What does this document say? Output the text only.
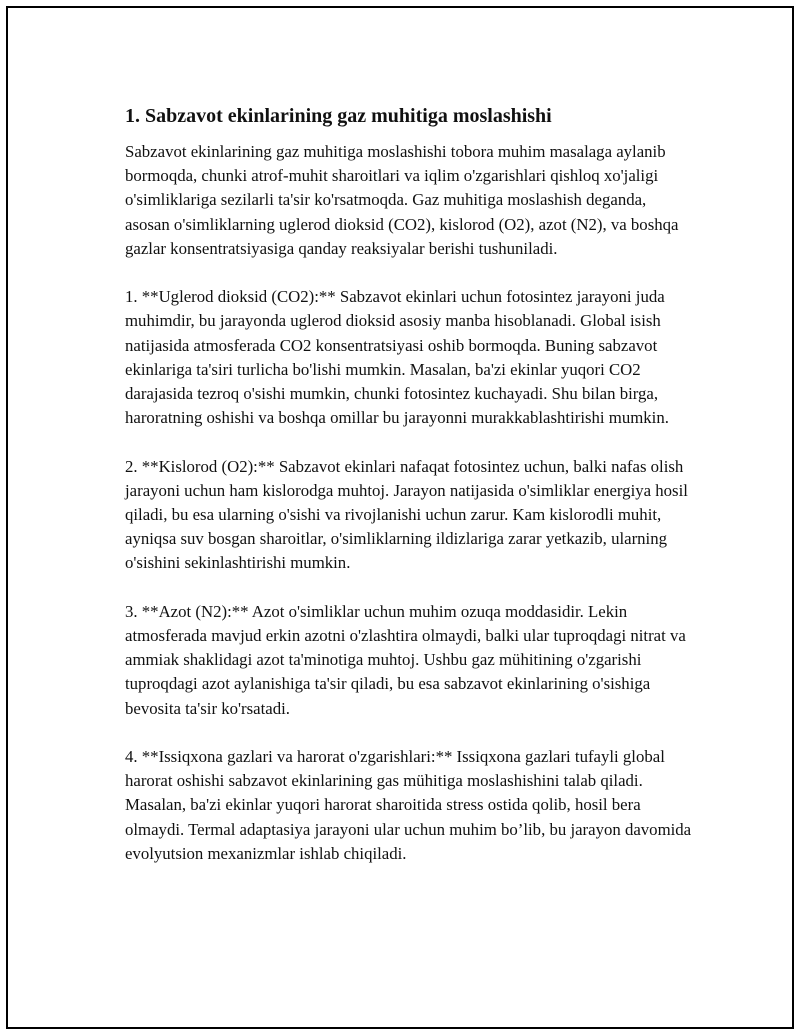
1. Sabzavot ekinlarining gaz muhitiga moslashishi

Sabzavot ekinlarining gaz muhitiga moslashishi tobora muhim masalaga aylanib bormoqda, chunki atrof-muhit sharoitlari va iqlim o'zgarishlari qishloq xo'jaligi o'simliklariga sezilarli ta'sir ko'rsatmoqda. Gaz muhitiga moslashish deganda, asosan o'simliklarning uglerod dioksid (CO2), kislorod (O2), azot (N2), va boshqa gazlar konsentratsiyasiga qanday reaksiyalar berishi tushuniladi.

1. **Uglerod dioksid (CO2):** Sabzavot ekinlari uchun fotosintez jarayoni juda muhimdir, bu jarayonda uglerod dioksid asosiy manba hisoblanadi. Global isish natijasida atmosferada CO2 konsentratsiyasi oshib bormoqda. Buning sabzavot ekinlariga ta'siri turlicha bo'lishi mumkin. Masalan, ba'zi ekinlar yuqori CO2 darajasida tezroq o'sishi mumkin, chunki fotosintez kuchayadi. Shu bilan birga, haroratning oshishi va boshqa omillar bu jarayonni murakkablashtirishi mumkin.

2. **Kislorod (O2):** Sabzavot ekinlari nafaqat fotosintez uchun, balki nafas olish jarayoni uchun ham kislorodga muhtoj. Jarayon natijasida o'simliklar energiya hosil qiladi, bu esa ularning o'sishi va rivojlanishi uchun zarur. Kam kislorodli muhit, ayniqsa suv bosgan sharoitlar, o'simliklarning ildizlariga zarar yetkazib, ularning o'sishini sekinlashtirishi mumkin.

3. **Azot (N2):** Azot o'simliklar uchun muhim ozuqa moddasidir. Lekin atmosferada mavjud erkin azotni o'zlashtira olmaydi, balki ular tuproqdagi nitrat va ammiak shaklidagi azot ta'minotiga muhtoj. Ushbu gaz mühitining o'zgarishi tuproqdagi azot aylanishiga ta'sir qiladi, bu esa sabzavot ekinlarining o'sishiga bevosita ta'sir ko'rsatadi.

4. **Issiqxona gazlari va harorat o'zgarishlari:** Issiqxona gazlari tufayli global harorat oshishi sabzavot ekinlarining gas mühitiga moslashishini talab qiladi. Masalan, ba'zi ekinlar yuqori harorat sharoitida stress ostida qolib, hosil bera olmaydi. Termal adaptasiya jarayoni ular uchun muhim bo’lib, bu jarayon davomida evolyutsion mexanizmlar ishlab chiqiladi.
